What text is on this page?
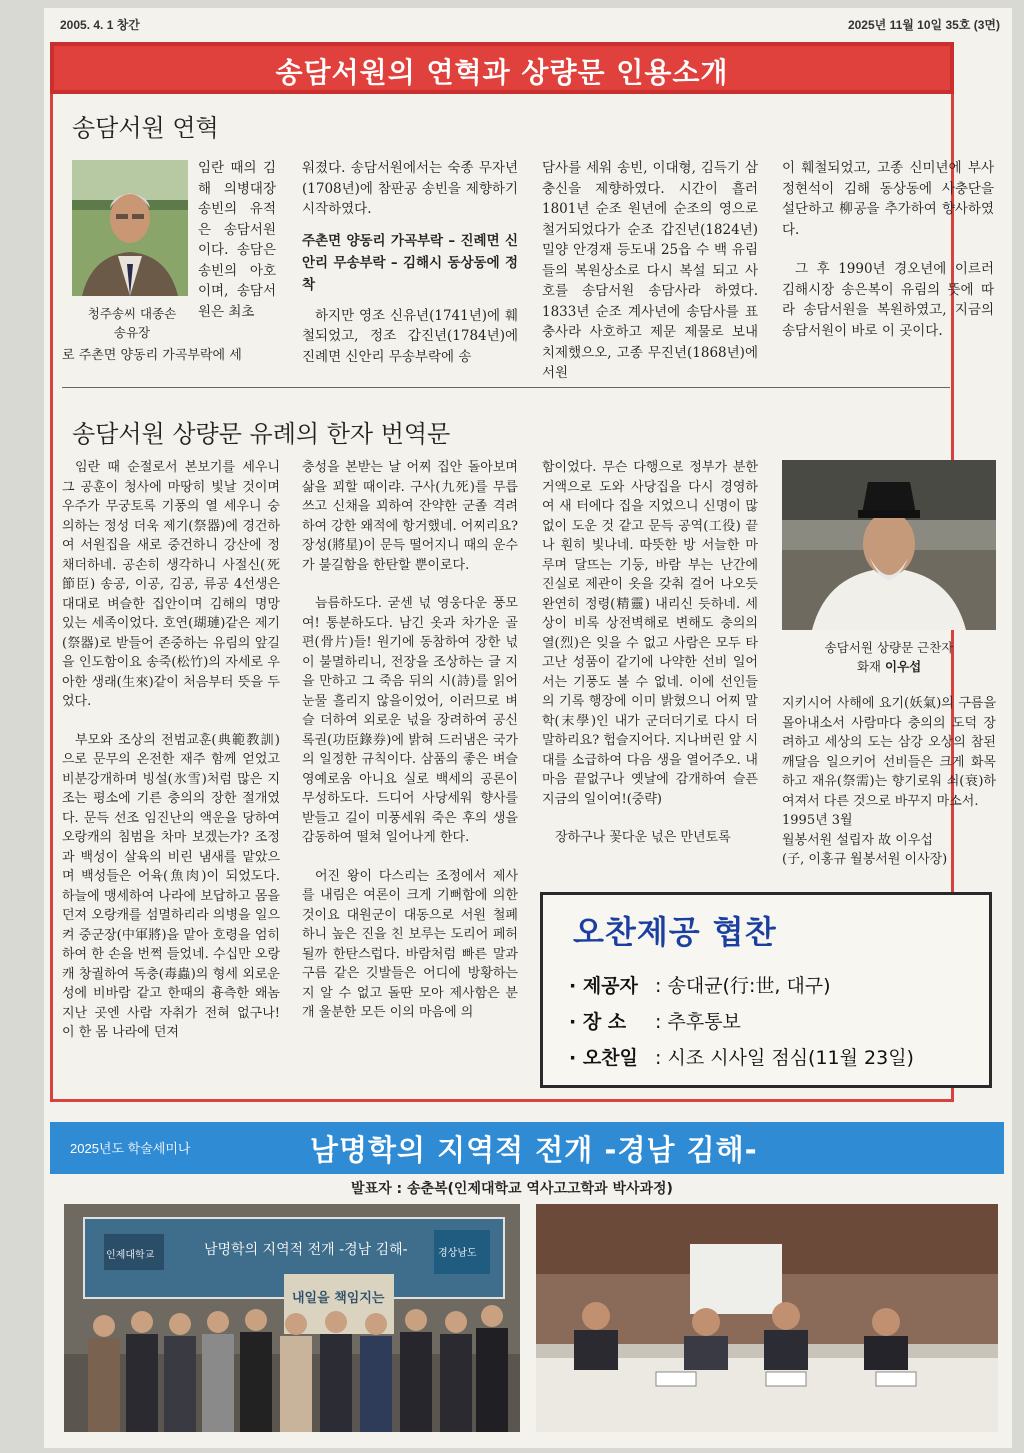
2005. 4. 1 창간	2025년 11월 10일 35호 (3면)
송담서원의 연혁과 상량문 인용소개
송담서원 연혁
청주송씨 대종손
송유장

임란 때의 김해 의병대장 송빈의 유적은 송담서원이다. 송담은 송빈의 아호이며, 송담서원은 최초

로 주촌면 양동리 가곡부락에 세

워졌다. 송담서원에서는 숙종 무자년(1708년)에 참판공 송빈을 제향하기 시작하였다.

주촌면 양동리 가곡부락 – 진례면 신안리 무송부락 – 김해시 동상동에 정착

하지만 영조 신유년(1741년)에 훼철되었고, 정조 갑진년(1784년)에 진례면 신안리 무송부락에 송

담사를 세워 송빈, 이대형, 김득기 삼충신을 제향하였다. 시간이 흘러 1801년 순조 원년에 순조의 영으로 철거되었다가 순조 갑진년(1824년) 밀양 안경재 등도내 25읍 수 백 유림들의 복원상소로 다시 복설 되고 사호를 송담서원 송담사라 하였다. 1833년 순조 계사년에 송담사를 표충사라 사호하고 제문 제물로 보내 치제했으오, 고종 무진년(1868년)에 서원

이 훼철되었고, 고종 신미년에 부사 정현석이 김해 동상동에 사충단을 설단하고 柳공을 추가하여 향사하였다.

그 후 1990년 경오년에 이르러 김해시장 송은복이 유림의 뜻에 따라 송담서원을 복원하였고, 지금의 송담서원이 바로 이 곳이다.

송담서원 상량문 유례의 한자 번역문

임란 때 순절로서 본보기를 세우니 그 공훈이 청사에 마땅히 빛날 것이며 우주가 무궁토록 기풍의 열 세우니 숭의하는 정성 더욱 제기(祭器)에 경건하여 서원집을 새로 중건하니 강산에 정채더하네. 공손히 생각하니 사절신(死節臣) 송공, 이공, 김공, 류공 4선생은 대대로 벼슬한 집안이며 김해의 명망 있는 세족이었다. 호연(瑚璉)같은 제기(祭器)로 받들어 존중하는 유림의 앞길을 인도함이요 송죽(松竹)의 자세로 우아한 생래(生來)같이 처음부터 뜻을 두었다.

부모와 조상의 전범교훈(典範教訓)으로 문무의 온전한 재주 함께 얻었고 비분강개하며 빙설(氷雪)처럼 많은 지조는 평소에 기른 충의의 장한 절개였다. 문득 선조 임진난의 액운을 당하여 오랑캐의 침범을 차마 보겠는가? 조정과 백성이 살육의 비린 냄새를 맡았으며 백성들은 어육(魚肉)이 되었도다. 하늘에 맹세하여 나라에 보답하고 몸을 던져 오랑캐를 섬멸하리라 의병을 일으켜 중군장(中軍將)을 맡아 호령을 엄히 하여 한 손을 번쩍 들었네. 수십만 오랑캐 창궐하여 독충(毒蟲)의 형세 외로운 성에 비바람 같고 한때의 흉측한 왜놈 지난 곳엔 사람 자취가 전혀 없구나! 이 한 몸 나라에 던져

충성을 본받는 날 어찌 집안 돌아보며 삶을 꾀할 때이랴. 구사(九死)를 무릅쓰고 신채을 꾀하여 잔약한 군졸 격려하여 강한 왜적에 항거했네. 어찌리요? 장성(將星)이 문득 떨어지니 때의 운수가 불길함을 한탄할 뿐이로다.

늠름하도다. 굳센 넋 영웅다운 풍모여! 통분하도다. 남긴 옷과 차가운 골편(骨片)들! 원기에 동참하여 장한 넋이 불멸하리니, 전장을 조상하는 글 지을 만하고 그 죽음 뒤의 시(詩)를 읽어 눈물 흘리지 않을이었어, 이러므로 벼슬 더하여 외로운 넋을 장려하여 공신록권(功臣錄券)에 밝혀 드러냄은 국가의 일정한 규칙이다. 삼품의 좋은 벼슬 영예로움 아니요 실로 백세의 공론이 무성하도다. 드디어 사당세워 향사를 받들고 길이 미풍세워 죽은 후의 생을 감동하여 떨쳐 일어나게 한다.

어진 왕이 다스리는 조정에서 제사를 내림은 여론이 크게 기뻐함에 의한 것이요 대원군이 대동으로 서원 철폐하니 높은 진을 친 보루는 도리어 페허 될까 한탄스럽다. 바람처럼 빠른 말과 구름 같은 깃발들은 어디에 방황하는지 알 수 없고 돌딴 모아 제사함은 분개 울분한 모든 이의 마음에 의

함이었다. 무슨 다행으로 정부가 분한 거액으로 도와 사당집을 다시 경영하여 새 터에다 집을 지었으니 신명이 많없이 도운 것 같고 문득 공역(工役) 끝나 훤히 빛나네. 따뜻한 방 서늘한 마루며 달뜨는 기둥, 바람 부는 난간에 진실로 제관이 옷을 갖춰 걸어 나오듯 완연히 정령(精靈) 내리신 듯하네. 세상이 비록 상전벽해로 변해도 충의의 열(烈)은 잊을 수 없고 사람은 모두 타고난 성품이 같기에 나약한 선비 일어서는 기풍도 볼 수 없네. 이에 선인들의 기록 행장에 이미 밝혔으니 어찌 말학(末學)인 내가 군더더기로 다시 더 말하리요? 헙슬지어다. 지나버린 앞 시대를 소급하여 다음 생을 열어주오. 내 마음 끝없구나 옛날에 감개하여 슬픈 지금의 일이여!(중략)

장하구나 꽃다운 넋은 만년토록

송담서원 상량문 근찬자
화재 이우섭

지키시어 사해에 요기(妖氣)의 구름을 몰아내소서 사람마다 충의의 도덕 장려하고 세상의 도는 삼강 오상의 참된 깨달음 일으키어 선비들은 크게 화목하고 재유(祭需)는 향기로워 쇠(衰)하여져서 다른 것으로 바꾸지 마소서.

1995년 3월

월봉서원 설립자 故 이우섭

(子, 이홍규 월봉서원 이사장)

오찬제공 협찬
· 제공자 : 송대균(行:世, 대구)
· 장 소 : 추후통보
· 오찬일 : 시조 시사일 점심(11월 23일)
2025년도 학술세미나	남명학의 지역적 전개 -경남 김해-
발표자 : 송춘복(인제대학교 역사고고학과 박사과정)
남명학의 지역적 전개 -경남 김해-
인제대학교	경상남도
내일을 책임지는
